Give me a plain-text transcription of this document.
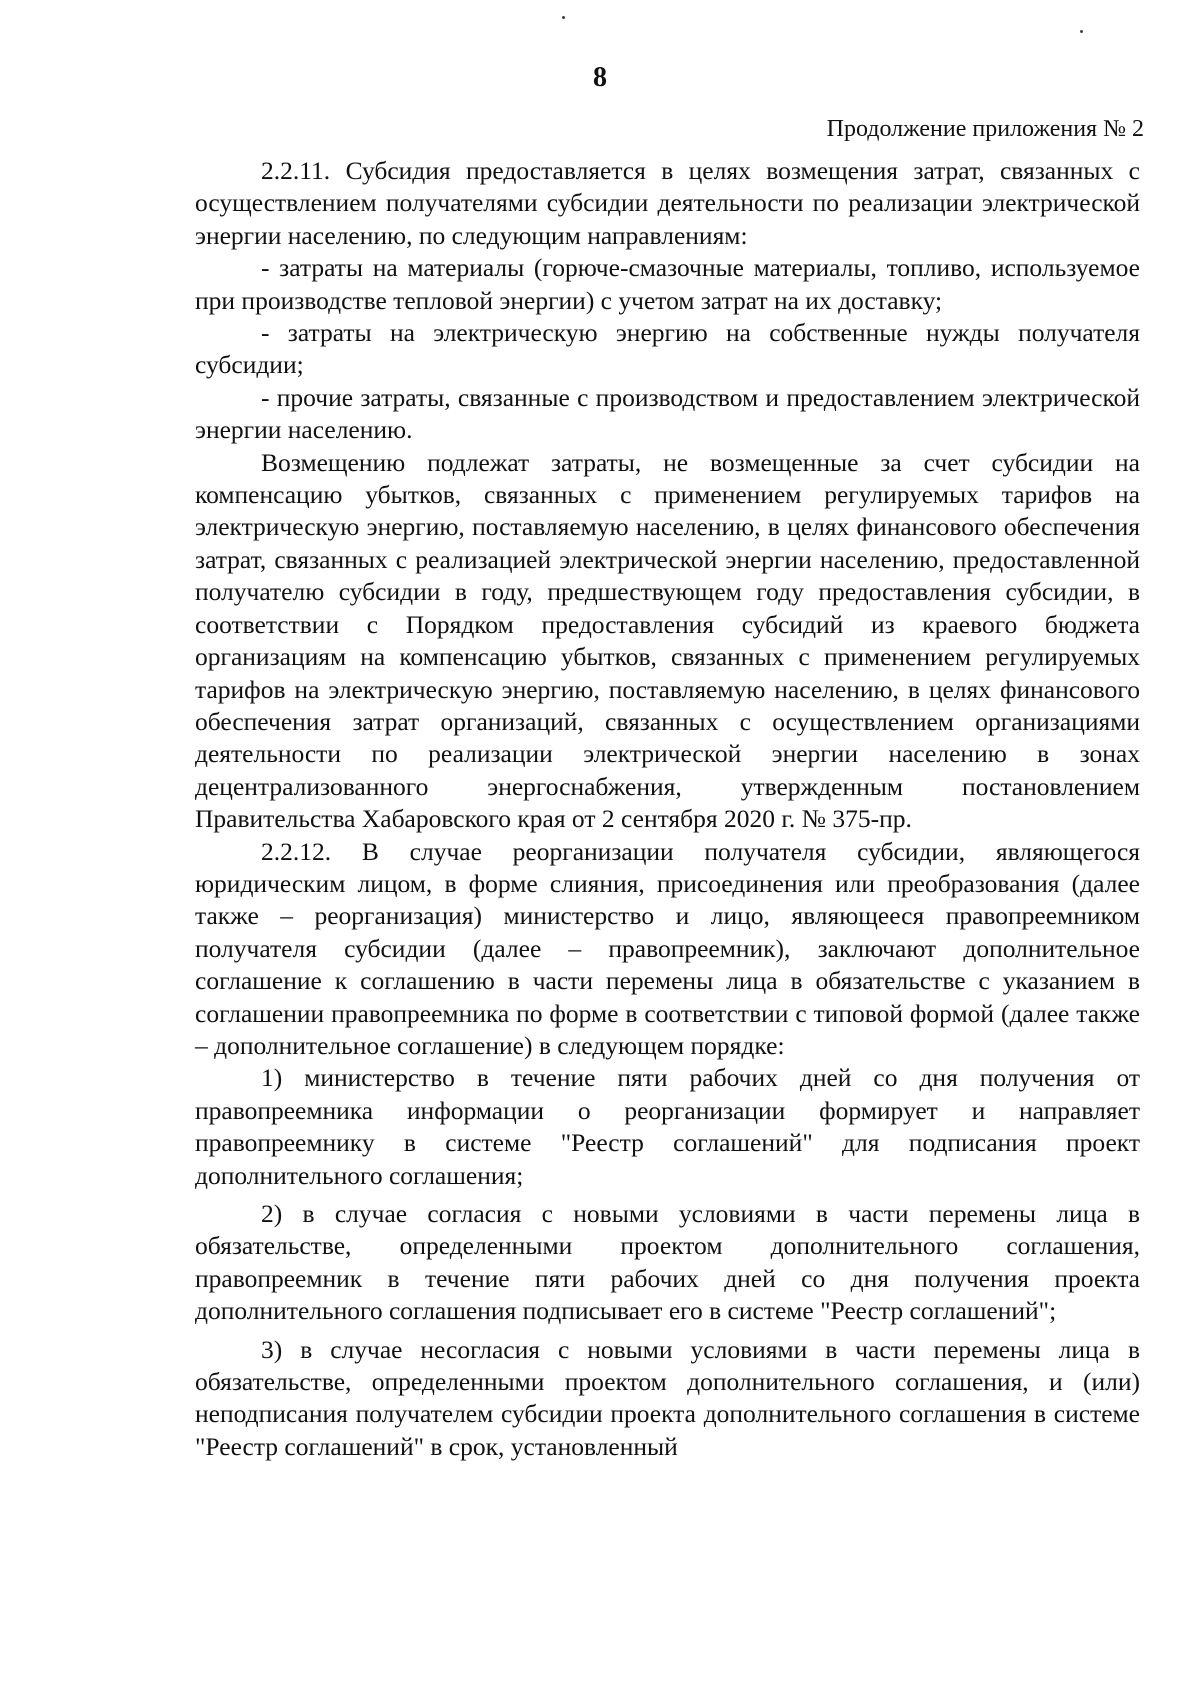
8
Продолжение приложения № 2

2.2.11. Субсидия предоставляется в целях возмещения затрат, связанных с осуществлением получателями субсидии деятельности по реализации электрической энергии населению, по следующим направлениям:

- затраты на материалы (горюче-смазочные материалы, топливо, используемое при производстве тепловой энергии) с учетом затрат на их доставку;

- затраты на электрическую энергию на собственные нужды получателя субсидии;

- прочие затраты, связанные с производством и предоставлением электрической энергии населению.

Возмещению подлежат затраты, не возмещенные за счет субсидии на компенсацию убытков, связанных с применением регулируемых тарифов на электрическую энергию, поставляемую населению, в целях финансового обеспечения затрат, связанных с реализацией электрической энергии населению, предоставленной получателю субсидии в году, предшествующем году предоставления субсидии, в соответствии с Порядком предоставления субсидий из краевого бюджета организациям на компенсацию убытков, связанных с применением регулируемых тарифов на электрическую энергию, поставляемую населению, в целях финансового обеспечения затрат организаций, связанных с осуществлением организациями деятельности по реализации электрической энергии населению в зонах децентрализованного энергоснабжения, утвержденным постановлением Правительства Хабаровского края от 2 сентября 2020 г. № 375-пр.

2.2.12. В случае реорганизации получателя субсидии, являющегося юридическим лицом, в форме слияния, присоединения или преобразования (далее также – реорганизация) министерство и лицо, являющееся правопреемником получателя субсидии (далее – правопреемник), заключают дополнительное соглашение к соглашению в части перемены лица в обязательстве с указанием в соглашении правопреемника по форме в соответствии с типовой формой (далее также – дополнительное соглашение) в следующем порядке:

1) министерство в течение пяти рабочих дней со дня получения от правопреемника информации о реорганизации формирует и направляет правопреемнику в системе "Реестр соглашений" для подписания проект дополнительного соглашения;

2) в случае согласия с новыми условиями в части перемены лица в обязательстве, определенными проектом дополнительного соглашения, правопреемник в течение пяти рабочих дней со дня получения проекта дополнительного соглашения подписывает его в системе "Реестр соглашений";

3) в случае несогласия с новыми условиями в части перемены лица в обязательстве, определенными проектом дополнительного соглашения, и (или) неподписания получателем субсидии проекта дополнительного соглашения в системе "Реестр соглашений" в срок, установленный
